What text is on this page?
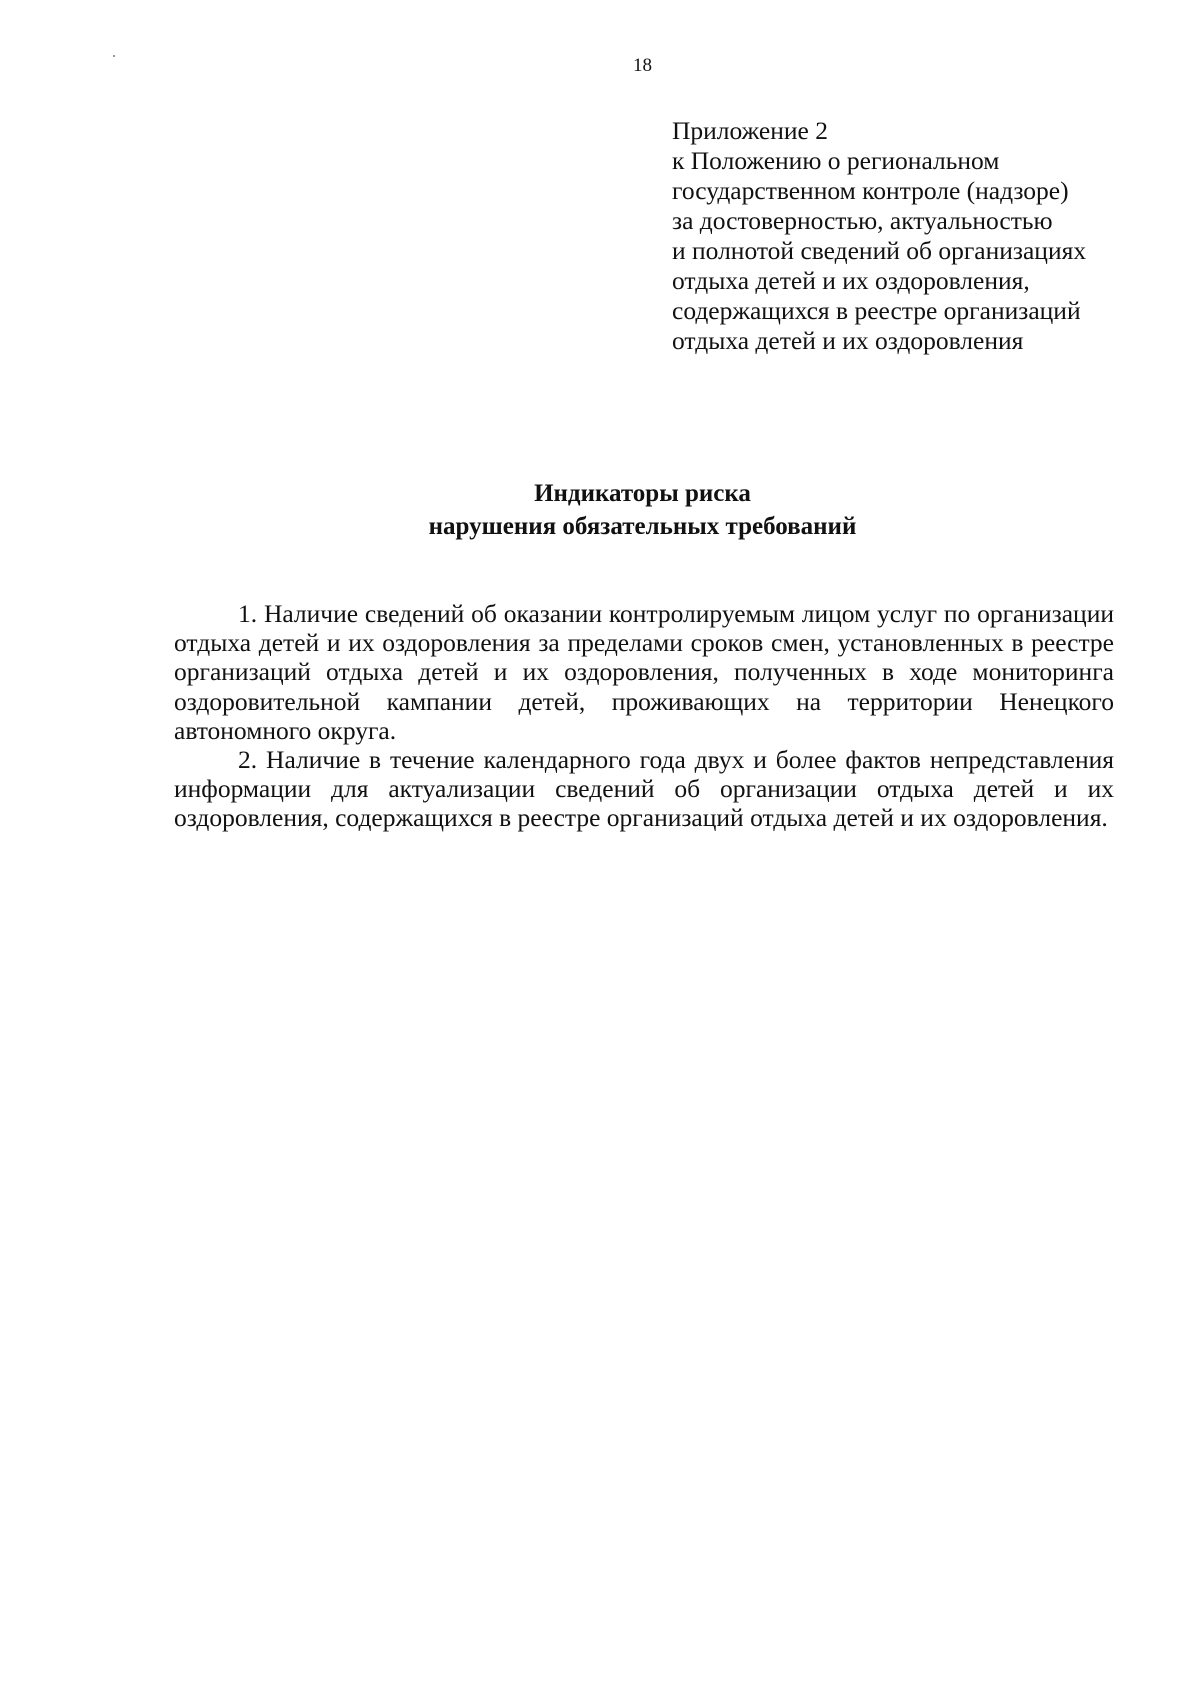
18
Приложение 2
к Положению о региональном
государственном контроле (надзоре)
за достоверностью, актуальностью
и полнотой сведений об организациях
отдыха детей и их оздоровления,
содержащихся в реестре организаций
отдыха детей и их оздоровления
Индикаторы риска
нарушения обязательных требований

1. Наличие сведений об оказании контролируемым лицом услуг по организации отдыха детей и их оздоровления за пределами сроков смен, установленных в реестре организаций отдыха детей и их оздоровления, полученных в ходе мониторинга оздоровительной кампании детей, проживающих на территории Ненецкого автономного округа.

2. Наличие в течение календарного года двух и более фактов непредставления информации для актуализации сведений об организации отдыха детей и их оздоровления, содержащихся в реестре организаций отдыха детей и их оздоровления.
